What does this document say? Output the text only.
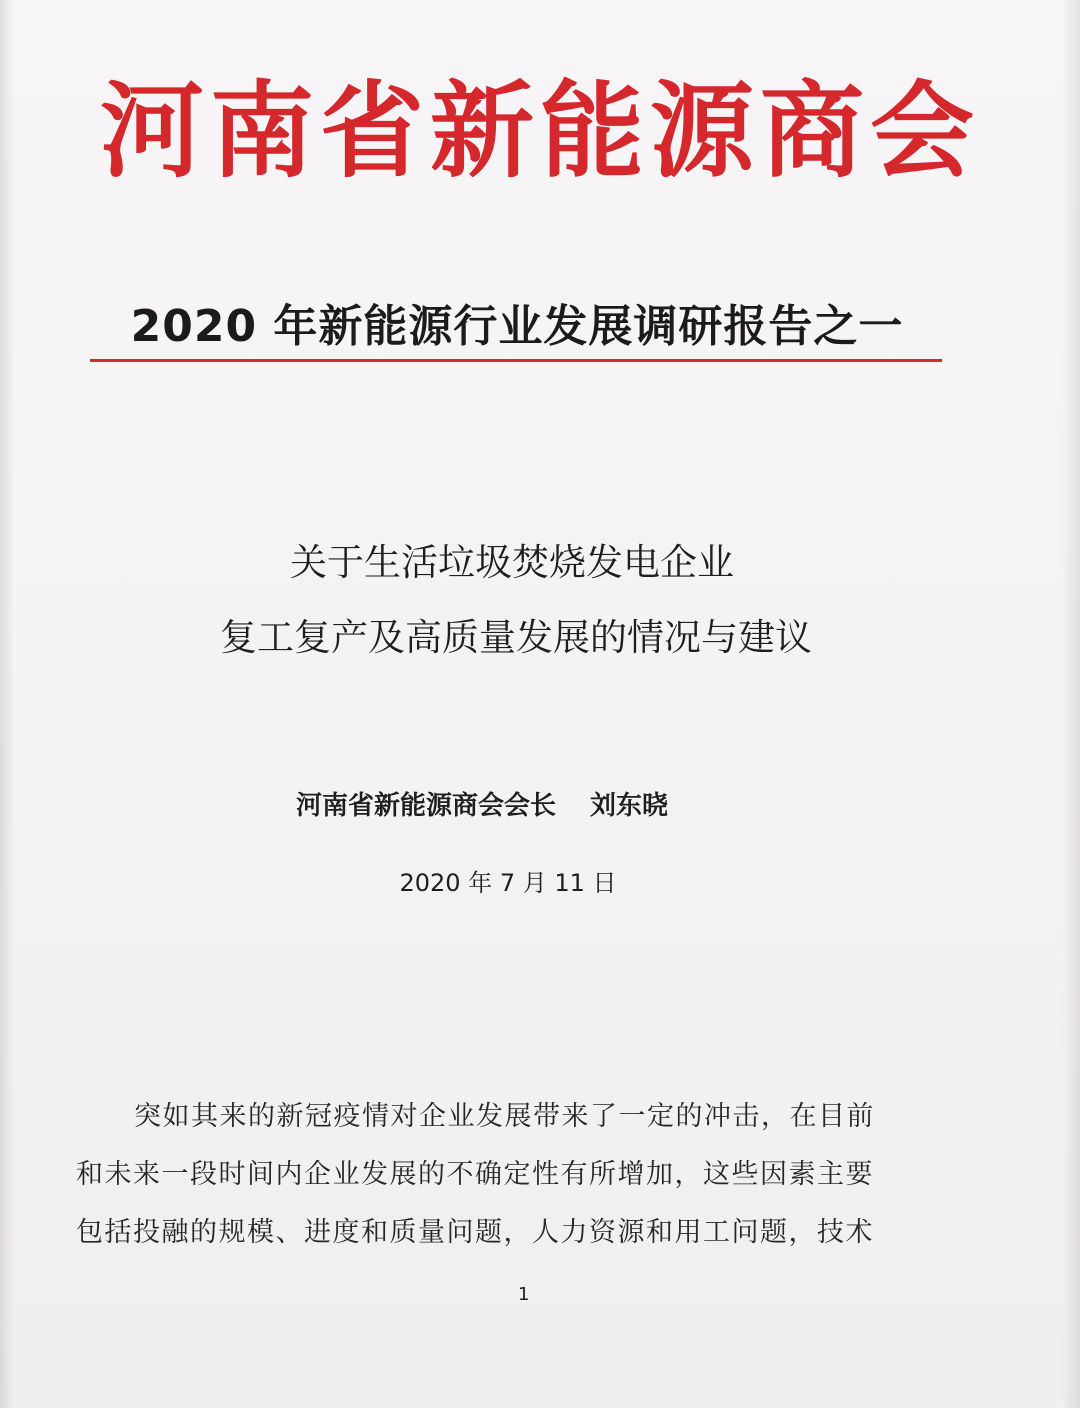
河南省新能源商会
2020 年新能源行业发展调研报告之一
关于生活垃圾焚烧发电企业
复工复产及高质量发展的情况与建议
河南省新能源商会会长 刘东晓
2020 年 7 月 11 日

突如其来的新冠疫情对企业发展带来了一定的冲击，在目前

和未来一段时间内企业发展的不确定性有所增加，这些因素主要

包括投融的规模、进度和质量问题，人力资源和用工问题，技术

1
